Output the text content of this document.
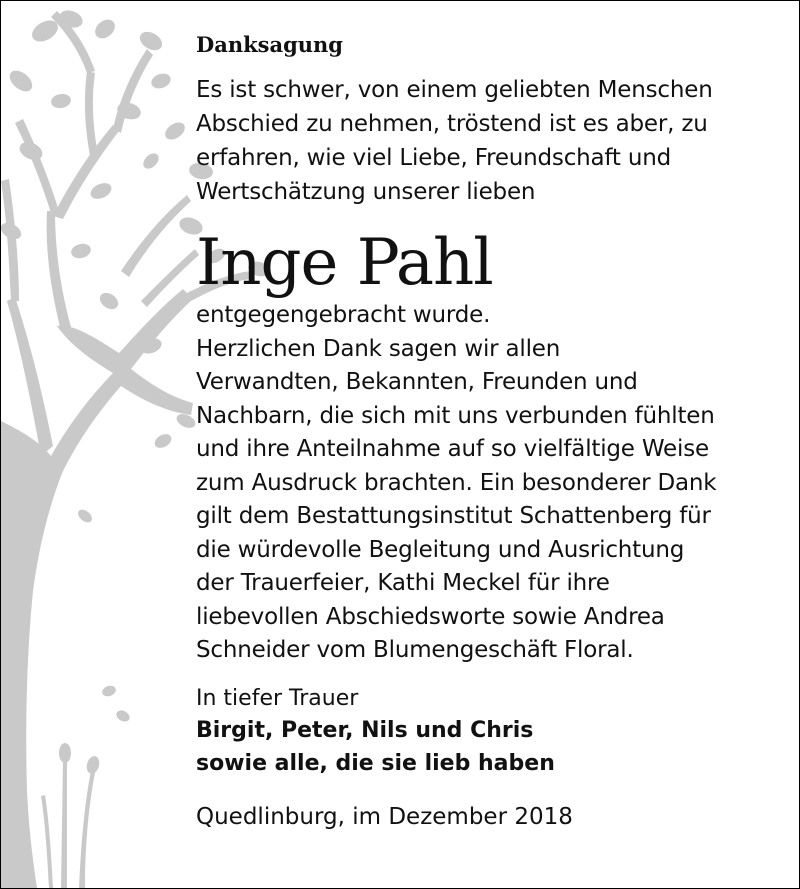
Danksagung

Es ist schwer, von einem geliebten Menschen
Abschied zu nehmen, tröstend ist es aber, zu
erfahren, wie viel Liebe, Freundschaft und
Wertschätzung unserer lieben

Inge Pahl

entgegengebracht wurde.
Herzlichen Dank sagen wir allen
Verwandten, Bekannten, Freunden und
Nachbarn, die sich mit uns verbunden fühlten
und ihre Anteilnahme auf so vielfältige Weise
zum Ausdruck brachten. Ein besonderer Dank
gilt dem Bestattungsinstitut Schattenberg für
die würdevolle Begleitung und Ausrichtung
der Trauerfeier, Kathi Meckel für ihre
liebevollen Abschiedsworte sowie Andrea
Schneider vom Blumengeschäft Floral.

In tiefer Trauer

Birgit, Peter, Nils und Chris

sowie alle, die sie lieb haben

Quedlinburg, im Dezember 2018
